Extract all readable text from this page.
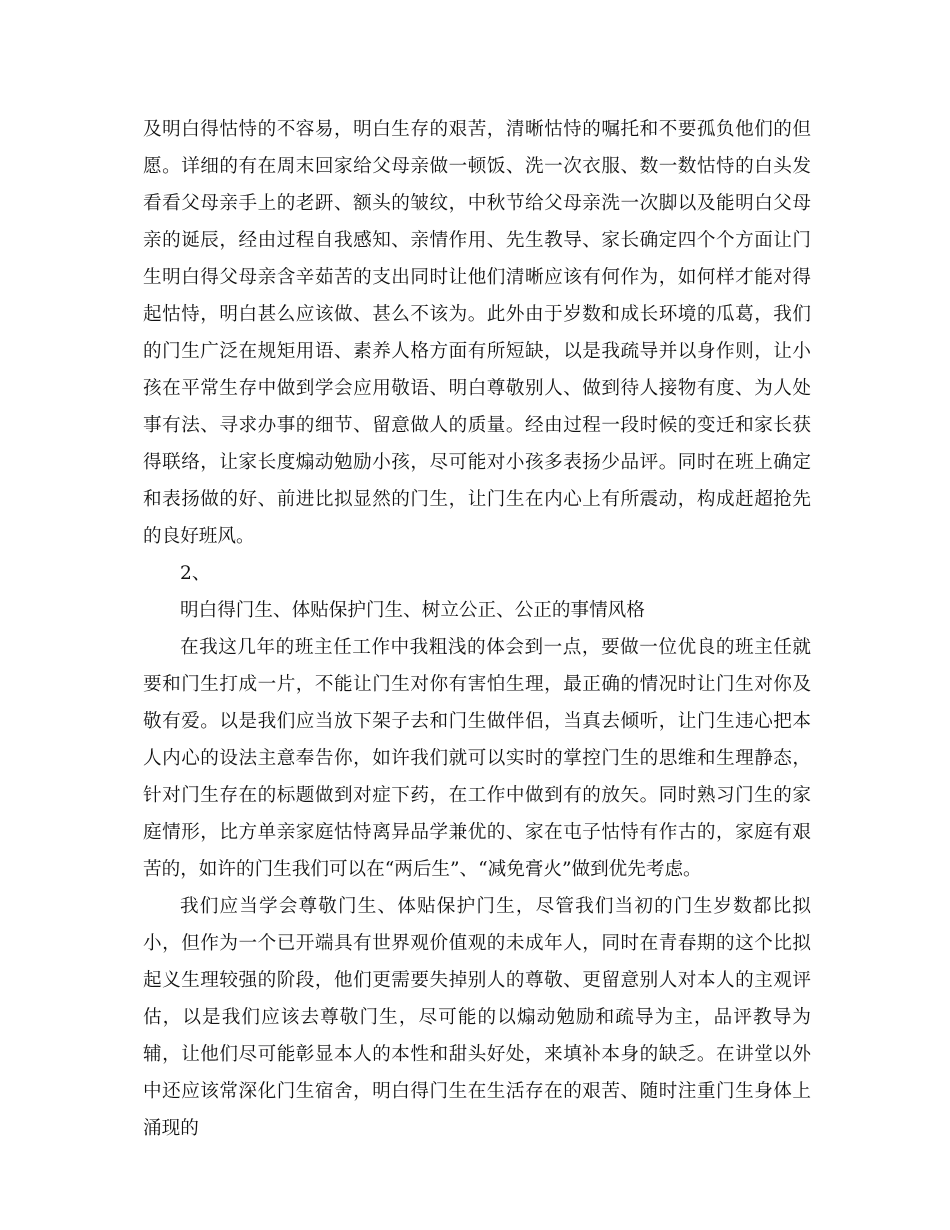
及明白得怙恃的不容易，明白生存的艰苦，清晰怙恃的嘱托和不要孤负他们的但愿。详细的有在周末回家给父母亲做一顿饭、洗一次衣服、数一数怙恃的白头发看看父母亲手上的老趼、额头的皱纹，中秋节给父母亲洗一次脚以及能明白父母亲的诞辰，经由过程自我感知、亲情作用、先生教导、家长确定四个个方面让门生明白得父母亲含辛茹苦的支出同时让他们清晰应该有何作为，如何样才能对得起怙恃，明白甚么应该做、甚么不该为。此外由于岁数和成长环境的瓜葛，我们的门生广泛在规矩用语、素养人格方面有所短缺，以是我疏导并以身作则，让小孩在平常生存中做到学会应用敬语、明白尊敬别人、做到待人接物有度、为人处事有法、寻求办事的细节、留意做人的质量。经由过程一段时候的变迁和家长获得联络，让家长度煽动勉励小孩，尽可能对小孩多表扬少品评。同时在班上确定和表扬做的好、前进比拟显然的门生，让门生在内心上有所震动，构成赶超抢先的良好班风。

2、

明白得门生、体贴保护门生、树立公正、公正的事情风格

在我这几年的班主任工作中我粗浅的体会到一点，要做一位优良的班主任就要和门生打成一片，不能让门生对你有害怕生理，最正确的情况时让门生对你及敬有爱。以是我们应当放下架子去和门生做伴侣，当真去倾听，让门生违心把本人内心的设法主意奉告你，如许我们就可以实时的掌控门生的思维和生理静态，针对门生存在的标题做到对症下药，在工作中做到有的放矢。同时熟习门生的家庭情形，比方单亲家庭怙恃离异品学兼优的、家在屯子怙恃有作古的，家庭有艰苦的，如许的门生我们可以在“两后生”、“减免膏火”做到优先考虑。

我们应当学会尊敬门生、体贴保护门生，尽管我们当初的门生岁数都比拟小，但作为一个已开端具有世界观价值观的未成年人，同时在青春期的这个比拟起义生理较强的阶段，他们更需要失掉别人的尊敬、更留意别人对本人的主观评估，以是我们应该去尊敬门生，尽可能的以煽动勉励和疏导为主，品评教导为辅，让他们尽可能彰显本人的本性和甜头好处，来填补本身的缺乏。在讲堂以外中还应该常深化门生宿舍，明白得门生在生活存在的艰苦、随时注重门生身体上涌现的
